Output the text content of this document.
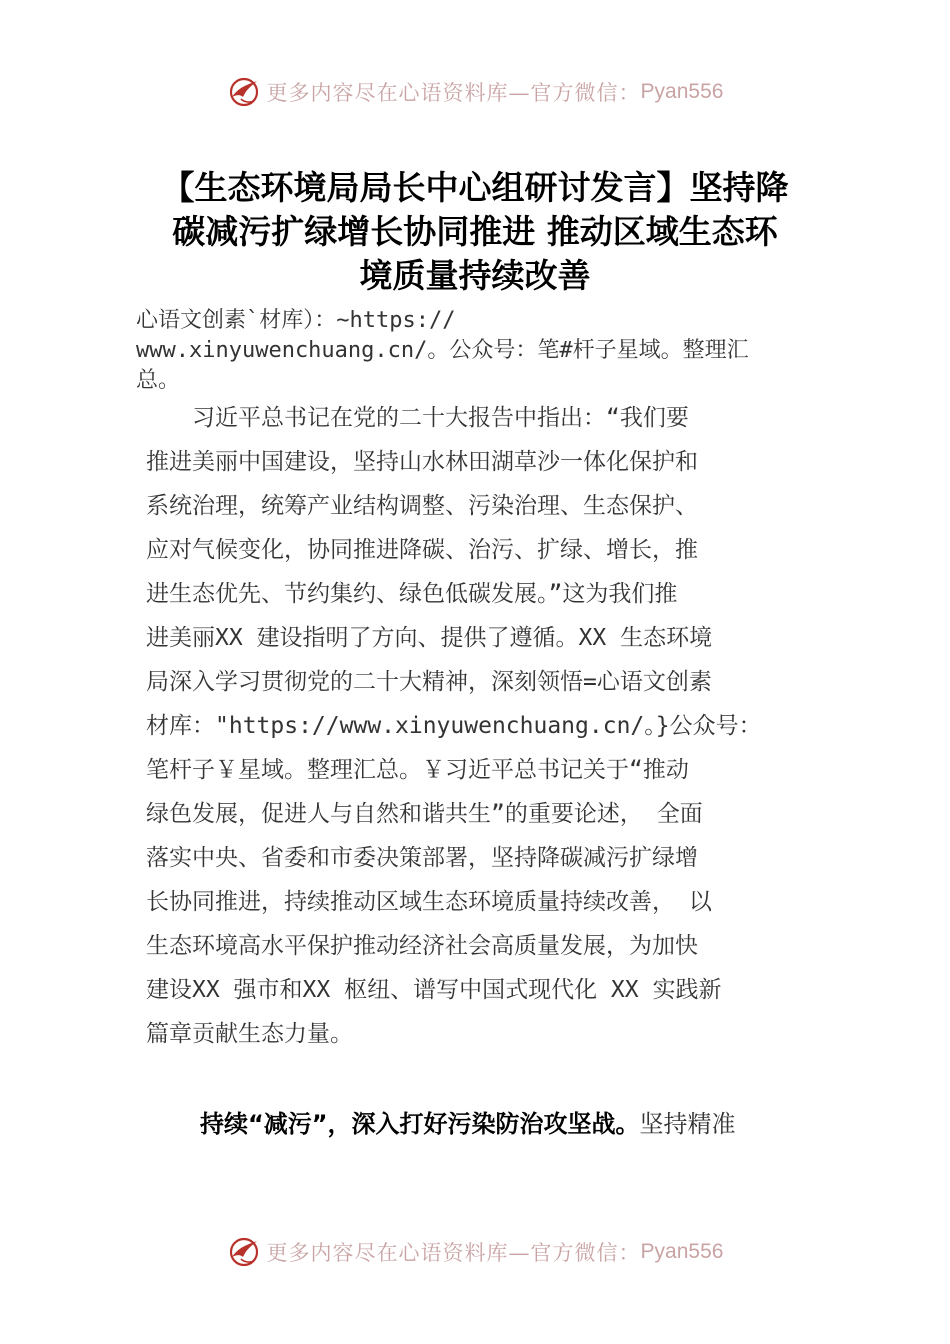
更多内容尽在心语资料库—官方微信： Pyan556
【生态环境局局长中心组研讨发言】坚持降
碳减污扩绿增长协同推进 推动区域生态环
境质量持续改善
心语文创素`材库）：~https://
www.xinyuwenchuang.cn/。公众号：笔#杆子星域。整理汇
总。
　　习近平总书记在党的二十大报告中指出：“我们要
推进美丽中国建设，坚持山水林田湖草沙一体化保护和
系统治理，统筹产业结构调整、污染治理、生态保护、
应对气候变化，协同推进降碳、治污、扩绿、增长，推
进生态优先、节约集约、绿色低碳发展。”这为我们推
进美丽XX 建设指明了方向、提供了遵循。XX 生态环境
局深入学习贯彻党的二十大精神，深刻领悟=心语文创素
材库："https://www.xinyuwenchuang.cn/。}公众号：
笔杆子￥星域。整理汇总。￥习近平总书记关于“推动
绿色发展，促进人与自然和谐共生”的重要论述， 全面
落实中央、省委和市委决策部署，坚持降碳减污扩绿增
长协同推进，持续推动区域生态环境质量持续改善， 以
生态环境高水平保护推动经济社会高质量发展，为加快
建设XX 强市和XX 枢纽、谱写中国式现代化 XX 实践新
篇章贡献生态力量。
持续“减污”，深入打好污染防治攻坚战。坚持精准
更多内容尽在心语资料库—官方微信： Pyan556
